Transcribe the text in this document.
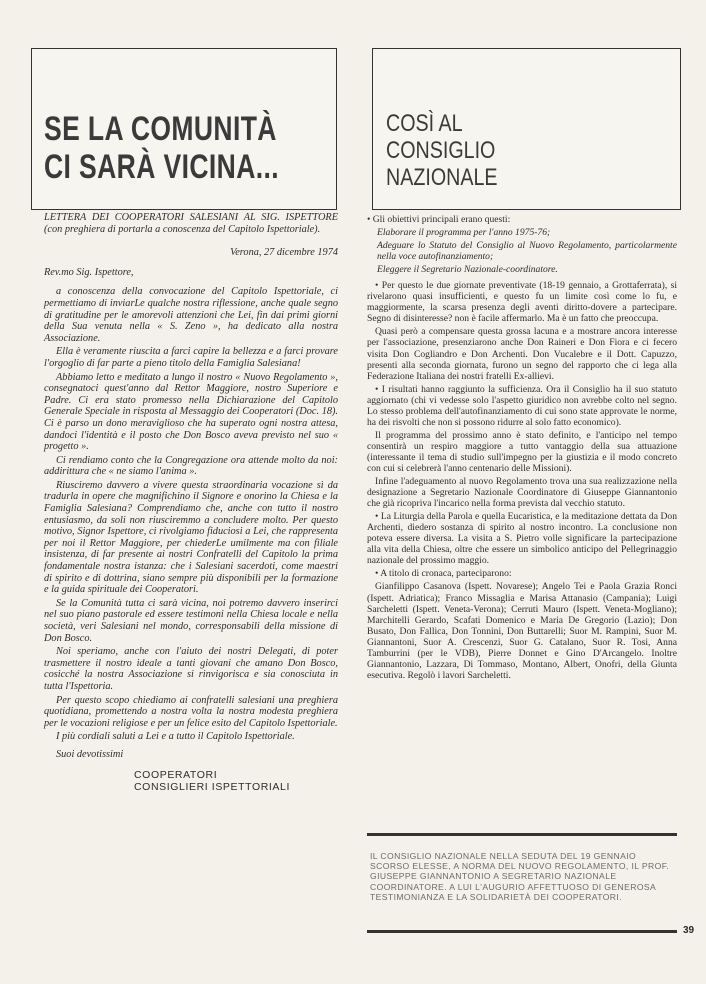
SE LA COMUNITÀ
CI SARÀ VICINA...
COSÌ AL
CONSIGLIO
NAZIONALE

LETTERA DEI COOPERATORI SALESIANI AL SIG. ISPETTORE (con preghiera di portarla a conoscenza del Capitolo Ispettoriale).

Verona, 27 dicembre 1974

Rev.mo Sig. Ispettore,

a conoscenza della convocazione del Capitolo Ispettoriale, ci permettiamo di inviarLe qualche nostra riflessione, anche quale segno di gratitudine per le amorevoli attenzioni che Lei, fin dai primi giorni della Sua venuta nella « S. Zeno », ha dedicato alla nostra Associazione.

Ella è veramente riuscita a farci capire la bellezza e a farci provare l'orgoglio di far parte a pieno titolo della Famiglia Salesiana!

Abbiamo letto e meditato a lungo il nostro « Nuovo Regolamento », consegnatoci quest'anno dal Rettor Maggiore, nostro Superiore e Padre. Ci era stato promesso nella Dichiarazione del Capitolo Generale Speciale in risposta al Messaggio dei Cooperatori (Doc. 18). Ci è parso un dono meraviglioso che ha superato ogni nostra attesa, dandoci l'identità e il posto che Don Bosco aveva previsto nel suo « progetto ».

Ci rendiamo conto che la Congregazione ora attende molto da noi: addirittura che « ne siamo l'anima ».

Riusciremo davvero a vivere questa straordinaria vocazione sì da tradurla in opere che magnifichino il Signore e onorino la Chiesa e la Famiglia Salesiana? Comprendiamo che, anche con tutto il nostro entusiasmo, da soli non riusciremmo a concludere molto. Per questo motivo, Signor Ispettore, ci rivolgiamo fiduciosi a Lei, che rappresenta per noi il Rettor Maggiore, per chiederLe umilmente ma con filiale insistenza, di far presente ai nostri Confratelli del Capitolo la prima fondamentale nostra istanza: che i Salesiani sacerdoti, come maestri di spirito e di dottrina, siano sempre più disponibili per la formazione e la guida spirituale dei Cooperatori.

Se la Comunità tutta ci sarà vicina, noi potremo davvero inserirci nel suo piano pastorale ed essere testimoni nella Chiesa locale e nella società, veri Salesiani nel mondo, corresponsabili della missione di Don Bosco.

Noi speriamo, anche con l'aiuto dei nostri Delegati, di poter trasmettere il nostro ideale a tanti giovani che amano Don Bosco, cosicché la nostra Associazione si rinvigorisca e sia conosciuta in tutta l'Ispettoria.

Per questo scopo chiediamo ai confratelli salesiani una preghiera quotidiana, promettendo a nostra volta la nostra modesta preghiera per le vocazioni religiose e per un felice esito del Capitolo Ispettoriale.

I più cordiali saluti a Lei e a tutto il Capitolo Ispettoriale.

Suoi devotissimi

COOPERATORI
CONSIGLIERI ISPETTORIALI

• Gli obiettivi principali erano questi:

Elaborare il programma per l'anno 1975-76;

Adeguare lo Statuto del Consiglio al Nuovo Regolamento, particolarmente nella voce autofinanziamento;

Eleggere il Segretario Nazionale-coordinatore.

• Per questo le due giornate preventivate (18-19 gennaio, a Grottaferrata), si rivelarono quasi insufficienti, e questo fu un limite così come lo fu, e maggiormente, la scarsa presenza degli aventi diritto-dovere a partecipare. Segno di disinteresse? non è facile affermarlo. Ma è un fatto che preoccupa.

Quasi però a compensare questa grossa lacuna e a mostrare ancora interesse per l'associazione, presenziarono anche Don Raineri e Don Fiora e ci fecero visita Don Cogliandro e Don Archenti. Don Vucalebre e il Dott. Capuzzo, presenti alla seconda giornata, furono un segno del rapporto che ci lega alla Federazione Italiana dei nostri fratelli Ex-allievi.

• I risultati hanno raggiunto la sufficienza. Ora il Consiglio ha il suo statuto aggiornato (chi vi vedesse solo l'aspetto giuridico non avrebbe colto nel segno. Lo stesso problema dell'autofinanziamento di cui sono state approvate le norme, ha dei risvolti che non si possono ridurre al solo fatto economico).

Il programma del prossimo anno è stato definito, e l'anticipo nel tempo consentirà un respiro maggiore a tutto vantaggio della sua attuazione (interessante il tema di studio sull'impegno per la giustizia e il modo concreto con cui si celebrerà l'anno centenario delle Missioni).

Infine l'adeguamento al nuovo Regolamento trova una sua realizzazione nella designazione a Segretario Nazionale Coordinatore di Giuseppe Giannantonio che già ricopriva l'incarico nella forma prevista dal vecchio statuto.

• La Liturgia della Parola e quella Eucaristica, e la meditazione dettata da Don Archenti, diedero sostanza di spirito al nostro incontro. La conclusione non poteva essere diversa. La visita a S. Pietro volle significare la partecipazione alla vita della Chiesa, oltre che essere un simbolico anticipo del Pellegrinaggio nazionale del prossimo maggio.

• A titolo di cronaca, parteciparono:

Gianfilippo Casanova (Ispett. Novarese); Angelo Tei e Paola Grazia Ronci (Ispett. Adriatica); Franco Missaglia e Marisa Attanasio (Campania); Luigi Sarcheletti (Ispett. Veneta-Verona); Cerruti Mauro (Ispett. Veneta-Mogliano); Marchitelli Gerardo, Scafati Domenico e Maria De Gregorio (Lazio); Don Busato, Don Fallica, Don Tonnini, Don Buttarelli; Suor M. Rampini, Suor M. Giannantoni, Suor A. Crescenzi, Suor G. Catalano, Suor R. Tosi, Anna Tamburrini (per le VDB), Pierre Donnet e Gino D'Arcangelo. Inoltre Giannantonio, Lazzara, Di Tommaso, Montano, Albert, Onofri, della Giunta esecutiva. Regolò i lavori Sarcheletti.

IL CONSIGLIO NAZIONALE NELLA SEDUTA DEL 19 GENNAIO SCORSO ELESSE, A NORMA DEL NUOVO REGOLAMENTO, IL PROF. GIUSEPPE GIANNANTONIO A SEGRETARIO NAZIONALE COORDINATORE. A LUI L'AUGURIO AFFETTUOSO DI GENEROSA TESTIMONIANZA E LA SOLIDARIETÀ DEI COOPERATORI.
39
